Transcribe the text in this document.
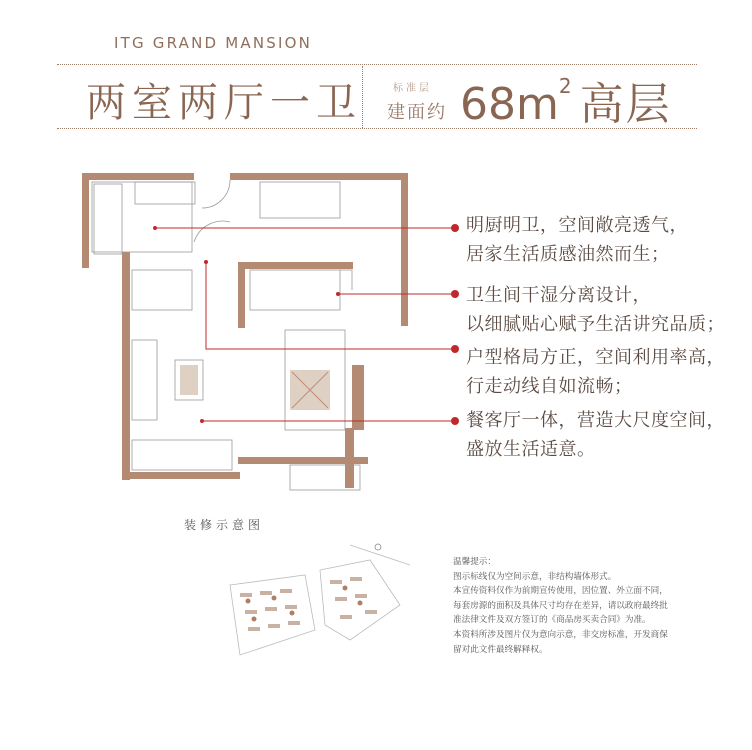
ITG GRAND MANSION
两室两厅一卫	标准层
建面约 $68m^2$ 高层
明厨明卫，空间敞亮透气，
居家生活质感油然而生；
卫生间干湿分离设计，
以细腻贴心赋予生活讲究品质；
户型格局方正，空间利用率高，
行走动线自如流畅；
餐客厅一体，营造大尺度空间，
盛放生活适意。
装修示意图
温馨提示：
图示标线仅为空间示意，非结构墙体形式。
本宣传资料仅作为前期宣传使用，因位置、外立面不同，
每套房源的面积及具体尺寸均存在差异，请以政府最终批
准法律文件及双方签订的《商品房买卖合同》为准。
本资料所涉及图片仅为意向示意，非交房标准，开发商保
留对此文件最终解释权。
